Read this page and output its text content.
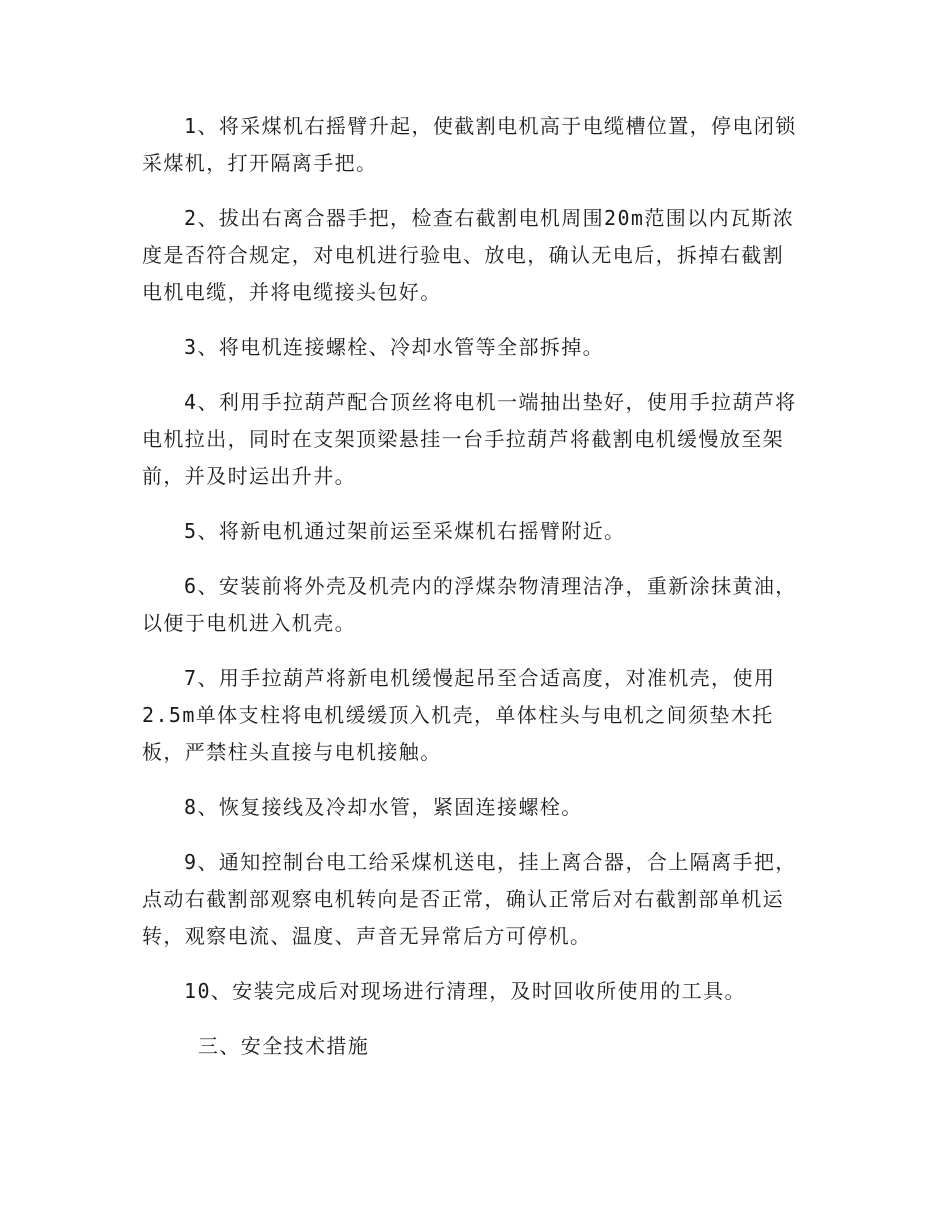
1、将采煤机右摇臂升起，使截割电机高于电缆槽位置，停电闭锁
采煤机，打开隔离手把。
2、拔出右离合器手把，检查右截割电机周围20m范围以内瓦斯浓
度是否符合规定，对电机进行验电、放电，确认无电后，拆掉右截割
电机电缆，并将电缆接头包好。
3、将电机连接螺栓、冷却水管等全部拆掉。
4、利用手拉葫芦配合顶丝将电机一端抽出垫好，使用手拉葫芦将
电机拉出，同时在支架顶梁悬挂一台手拉葫芦将截割电机缓慢放至架
前，并及时运出升井。
5、将新电机通过架前运至采煤机右摇臂附近。
6、安装前将外壳及机壳内的浮煤杂物清理洁净，重新涂抹黄油，
以便于电机进入机壳。
7、用手拉葫芦将新电机缓慢起吊至合适高度，对准机壳，使用
2.5m单体支柱将电机缓缓顶入机壳，单体柱头与电机之间须垫木托
板，严禁柱头直接与电机接触。
8、恢复接线及冷却水管，紧固连接螺栓。
9、通知控制台电工给采煤机送电，挂上离合器，合上隔离手把，
点动右截割部观察电机转向是否正常，确认正常后对右截割部单机运
转，观察电流、温度、声音无异常后方可停机。
10、安装完成后对现场进行清理，及时回收所使用的工具。
三、安全技术措施
